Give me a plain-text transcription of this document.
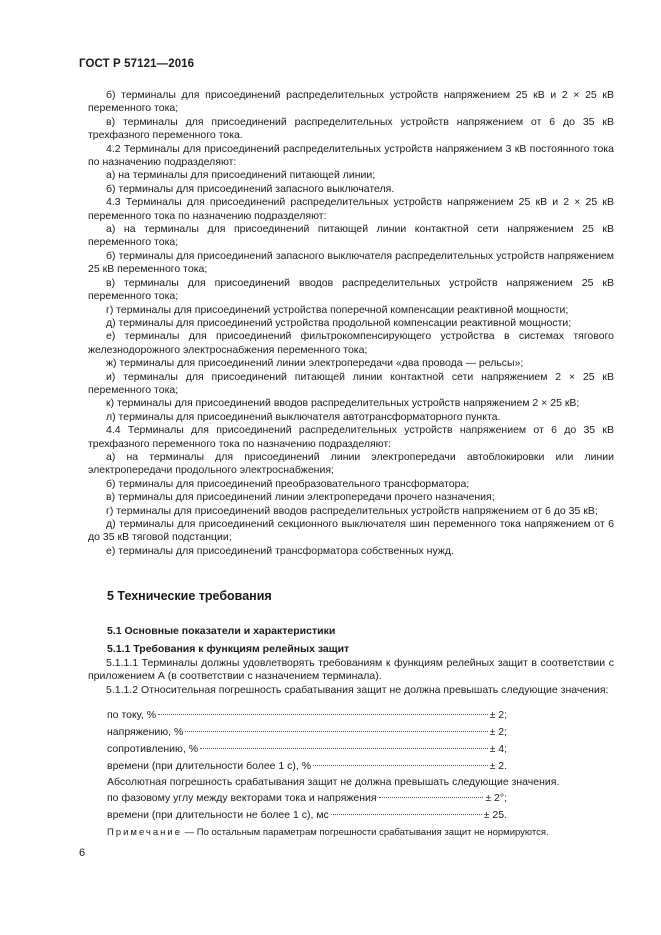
ГОСТ Р 57121—2016

б) терминалы для присоединений распределительных устройств напряжением 25 кВ и 2 × 25 кВ переменного тока;

в) терминалы для присоединений распределительных устройств напряжением от 6 до 35 кВ трехфазного переменного тока.

4.2 Терминалы для присоединений распределительных устройств напряжением 3 кВ постоянного тока по назначению подразделяют:

а) на терминалы для присоединений питающей линии;

б) терминалы для присоединений запасного выключателя.

4.3 Терминалы для присоединений распределительных устройств напряжением 25 кВ и 2 × 25 кВ переменного тока по назначению подразделяют:

а) на терминалы для присоединений питающей линии контактной сети напряжением 25 кВ переменного тока;

б) терминалы для присоединений запасного выключателя распределительных устройств напряжением 25 кВ переменного тока;

в) терминалы для присоединений вводов распределительных устройств напряжением 25 кВ переменного тока;

г) терминалы для присоединений устройства поперечной компенсации реактивной мощности;

д) терминалы для присоединений устройства продольной компенсации реактивной мощности;

е) терминалы для присоединений фильтрокомпенсирующего устройства в системах тягового железнодорожного электроснабжения переменного тока;

ж) терминалы для присоединений линии электропередачи «два провода — рельсы»;

и) терминалы для присоединений питающей линии контактной сети напряжением 2 × 25 кВ переменного тока;

к) терминалы для присоединений вводов распределительных устройств напряжением 2 × 25 кВ;

л) терминалы для присоединений выключателя автотрансформаторного пункта.

4.4 Терминалы для присоединений распределительных устройств напряжением от 6 до 35 кВ трехфазного переменного тока по назначению подразделяют:

а) на терминалы для присоединений линии электропередачи автоблокировки или линии электропередачи продольного электроснабжения;

б) терминалы для присоединений преобразовательного трансформатора;

в) терминалы для присоединений линии электропередачи прочего назначения;

г) терминалы для присоединений вводов распределительных устройств напряжением от 6 до 35 кВ;

д) терминалы для присоединений секционного выключателя шин переменного тока напряжением от 6 до 35 кВ тяговой подстанции;

е) терминалы для присоединений трансформатора собственных нужд.

5 Технические требования
5.1 Основные показатели и характеристики
5.1.1 Требования к функциям релейных защит

5.1.1.1 Терминалы должны удовлетворять требованиям к функциям релейных защит в соответствии с приложением А (в соответствии с назначением терминала).

5.1.1.2 Относительная погрешность срабатывания защит не должна превышать следующие значения:

по току, %	± 2;
напряжению, %	± 2;
сопротивлению, %	± 4;
времени (при длительности более 1 с), %	± 2.
Абсолютная погрешность срабатывания защит не должна превышать следующие значения.
по фазовому углу между векторами тока и напряжения	± 2°;
времени (при длительности не более 1 с), мс	± 25.
Примечание — По остальным параметрам погрешности срабатывания защит не нормируются.
6
